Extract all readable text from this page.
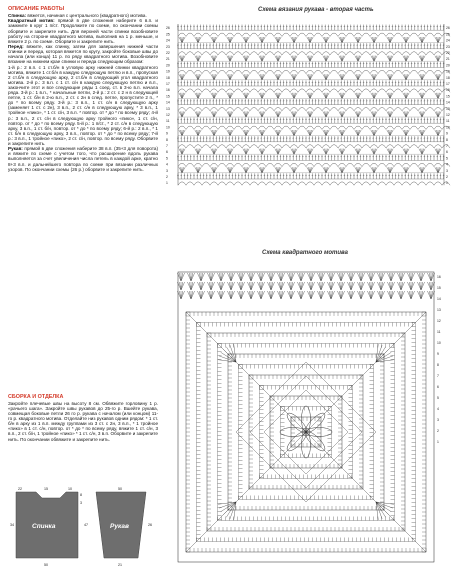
ОПИСАНИЕ РАБОТЫ

Спинка: вяжется, начиная с центрального (квадратного) мотива.

Квадратный мотив: прямой в две сложения наберите 6 в.п. и замкните в круг 1 п/ст. Продолжите по схеме, по окончании схемы оборвите и закрепите нить. Для верхней части спинки возобновите работу на стороне квадратного мотива, выполнив на 1 р. меньше, и вяжите 2 р. по схеме. Оборвите и закрепите нить.

Перед: вяжите, как спинку, затем для завершения нижней части спинки и переда, которая вяжется по кругу, закройте боковые швы до начала (или конца) 11 р. по ряду квадратного мотива. Возобновите вязание на нижнем крае спинки и переда следующим образом:

1-й р.: 2 в.п. с 1 ст.б/н в угловую арку нижней спинки квадратного мотива, вяжите 1 ст.б/н в каждую следующую петлю и в.п., пропуская 2 ст.б/н в следующую арку, 2 ст.б/н в следующий угол квадратного мотива. 2-й р.: 3 в.п. с 1 ст. с/н в каждую следующую петлю и в.п., закончите этот и все следующие ряды 1 соед. ст. в 3-ю в.п. начала ряда. 3-й р.: 1 в.п., * начальные петли, 2-й р.: 2 ст. с 2 н в следующей петле, 1 ст. б/н в 2-ю в.п., 2 ст. с 2н в след. петле, пропустите 2 п., * до * по всему ряду. 3-й р.: 3 в.п., 1 ст. с/н в следующую арку (заменяет 1 ст. с 2н), 3 в.п., 2 ст. с/н в следующую арку, * 3 в.п., 1 тройное «пико», * 1 ст. с/н, 3 в.п. * повтор. от * до * по всему ряду; 4-й р.: 3 в.п., 2 ст. с/н в следующую арку тройного «пико», 1 ст. с/н, повтор. от * до * по всему ряду. 5-й р.: 1 п/ст., * 2 ст. с/н в следующую арку, 3 в.п., 1 ст. б/н, повтор. от * до * по всему ряду; 6-й р.: 2 в.п., * 1 ст. б/н в следующую арку, 3 в.п., повтор. от * до * по всему ряду; 7-й р.: 3 в.п., 1 тройное «пико», 2 ст. с/н, повтор. по всему ряду. Оборвите и закрепите нить.

Рукав: прямой в две сложения наберите 38 в.п. (35+3 для поворота) и вяжите по схеме с учетом того, что расширение вдоль рукава выполняется за счет увеличения числа петель в каждой арке, кратно 8+3 в.п. и дальнейшего повтора по схеме при вязании различных узоров. По окончании схемы (26 р.) оборвите и закрепите нить.

СБОРКА И ОТДЕЛКА

Закройте плечевые швы на высоту 8 см. Обвяжите горловину 1 р. «рачьего шага». Закройте швы рукавов до 25-го р. Вшейте рукава, совмещая боковые петли 26 го р. рукава с началом (или концом) 11-го р. квадратного мотива. Отделайте низ рукавов одним рядом: * 1 ст. б/н в арку из 1 в.п. между группами из 3 ст. с 2н, 3 в.п., * 1 тройное «пико» в 1 ст. с/н, повтор. от * до * по всему ряду, вяжите 1 ст. с/н, 3 в.п., 2 ст. б/н, 1 тройное «пико» * 1 ст. с/н, 3 в.п. Оборвите и закрепите нить. По окончании обвяжите и закрепите нить.

Спинка	Рукав
50
34
15
22	10
8
3
26
47
21
50
Схема вязания рукава - вторая часть
26	26
25	25
24	24
23	23
22	22
21	21
20	20
19	19
18	18
17	17
16	16
15	15
14	14
13	13
12	12
11	11
10	10
9	9
8	8
7	7
6	6
5	5
4	4
3	3
2	2
1	1
Схема квадратного мотива
16
15
14
13
12
11
10
9
8
7
6
5
4
3
2
1
